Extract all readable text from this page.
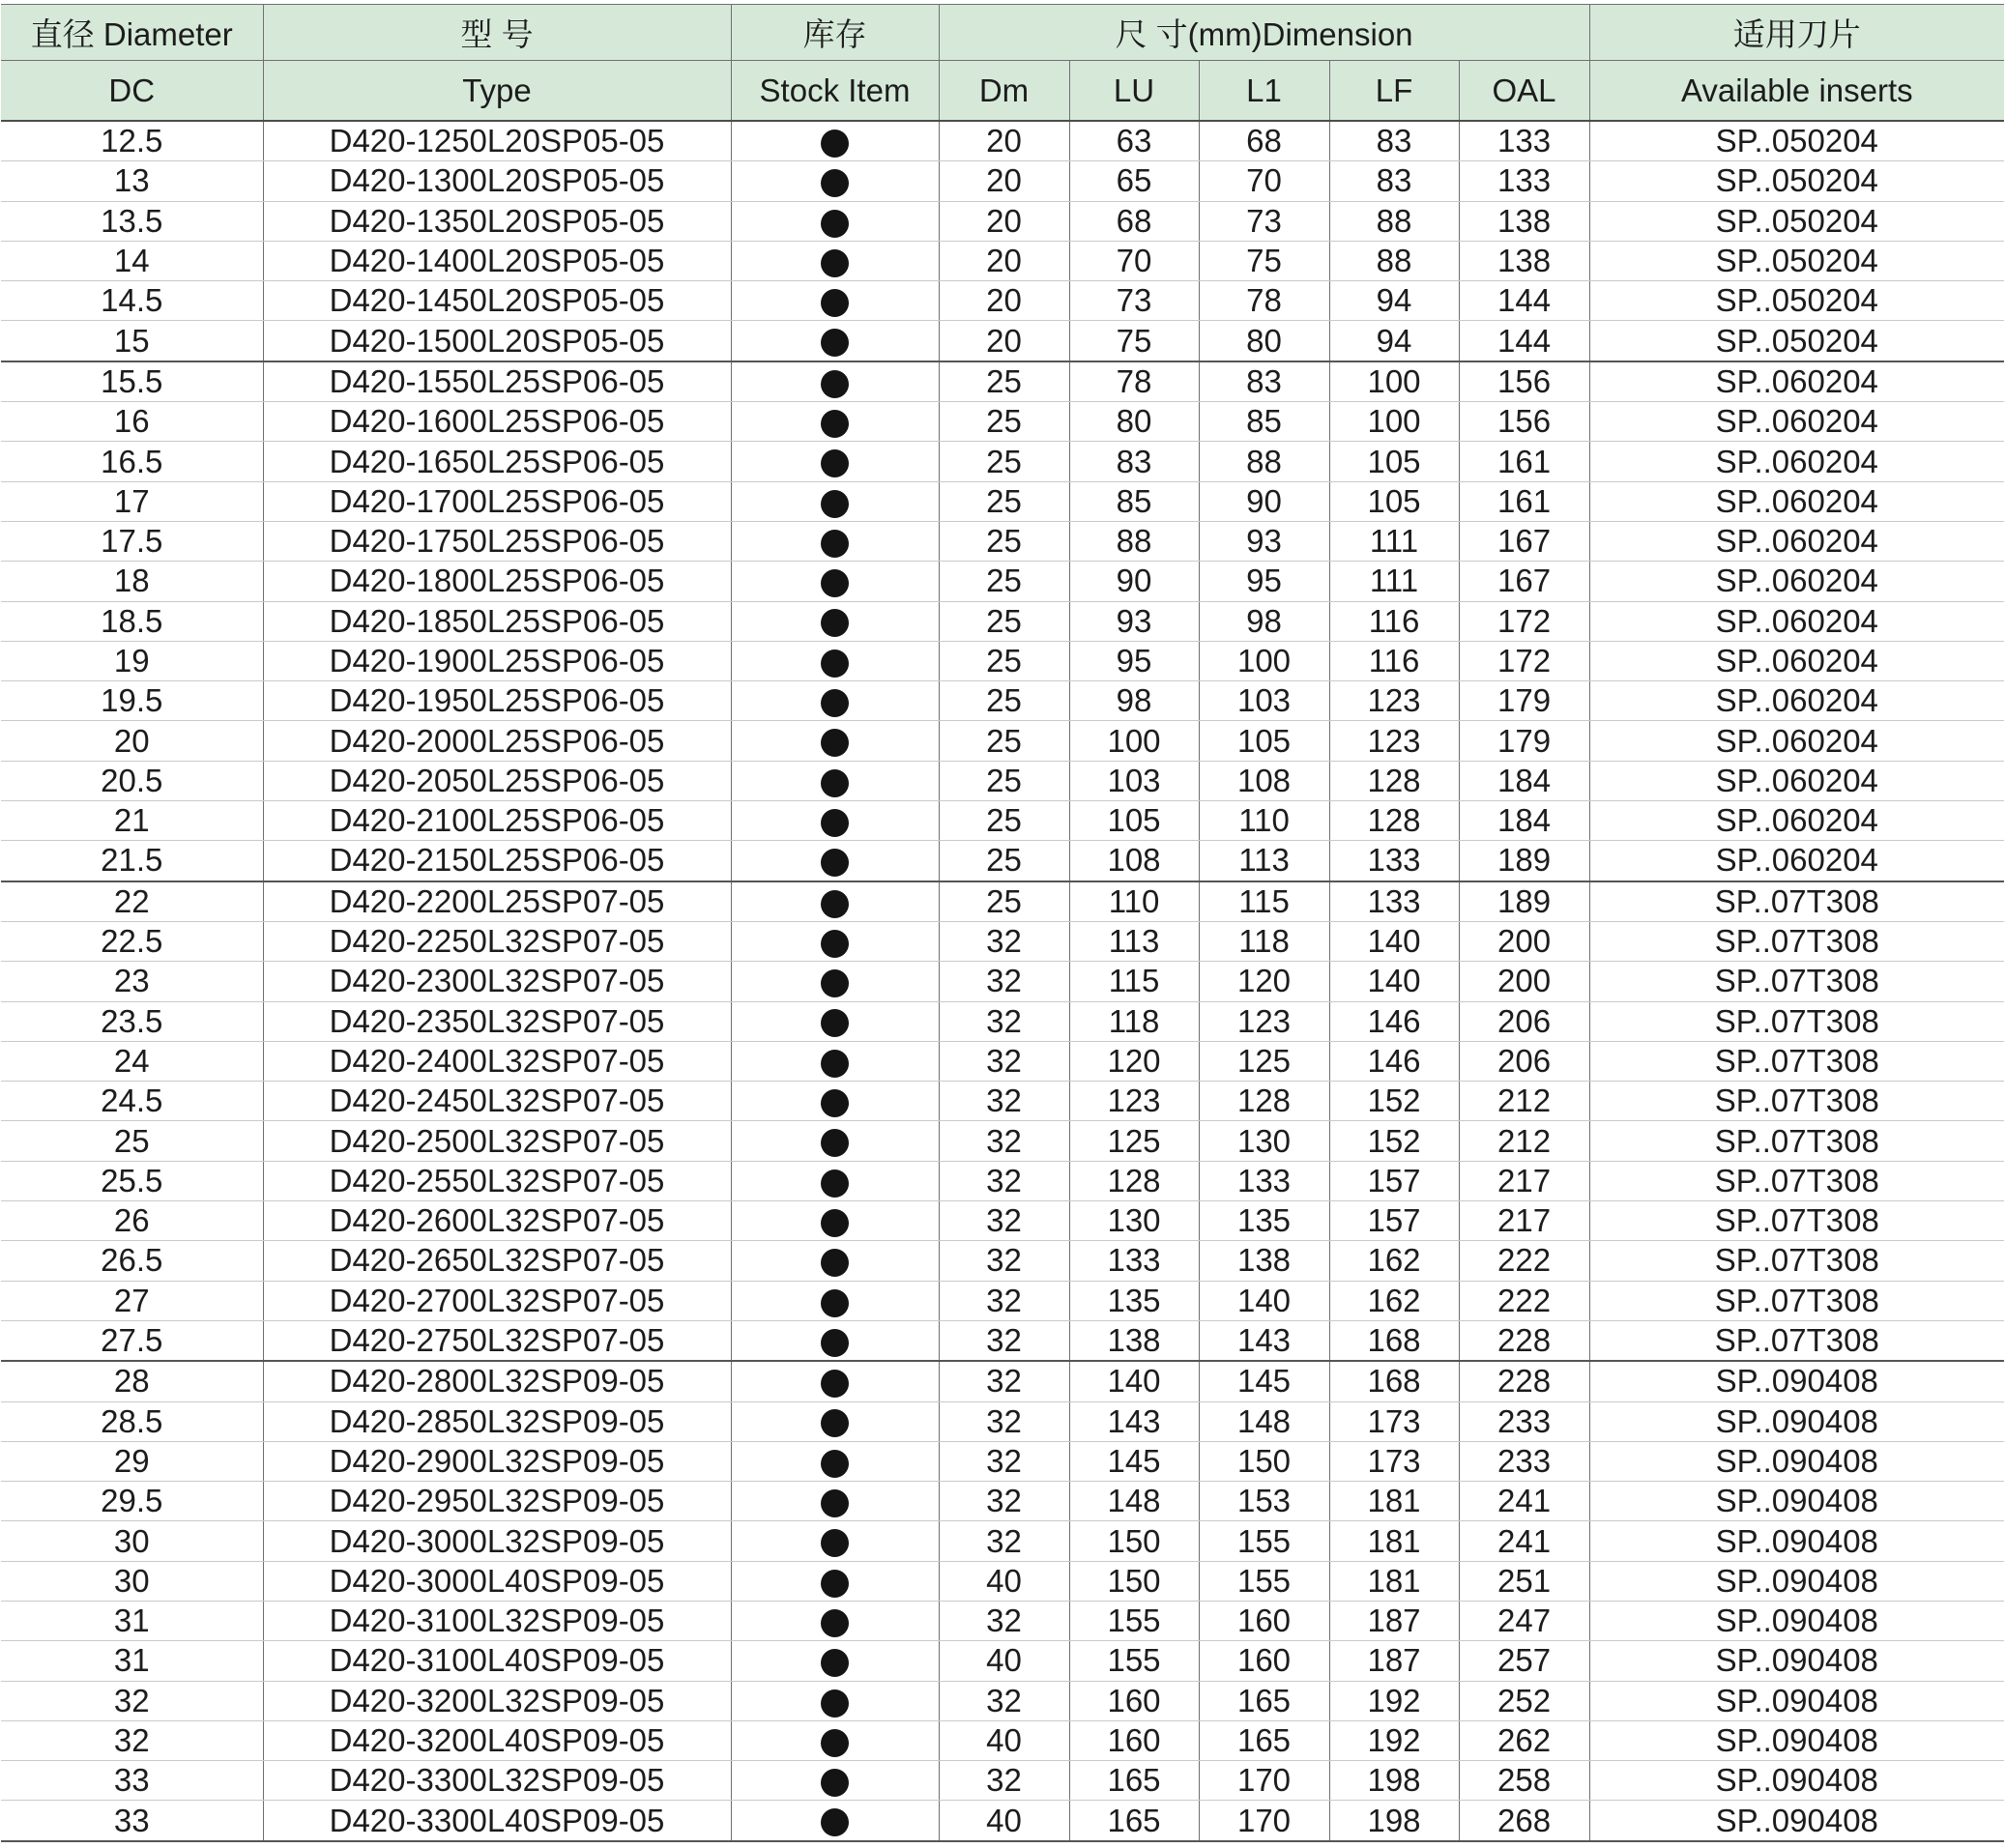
直径 Diameter	型 号	库存	尺 寸(mm)Dimension					适用刀片
DC	Type	Stock Item	Dm	LU	L1	LF	OAL	Available inserts
12.5	D420-1250L20SP05-05		20	63	68	83	133	SP..050204
13	D420-1300L20SP05-05		20	65	70	83	133	SP..050204
13.5	D420-1350L20SP05-05		20	68	73	88	138	SP..050204
14	D420-1400L20SP05-05		20	70	75	88	138	SP..050204
14.5	D420-1450L20SP05-05		20	73	78	94	144	SP..050204
15	D420-1500L20SP05-05		20	75	80	94	144	SP..050204
15.5	D420-1550L25SP06-05		25	78	83	100	156	SP..060204
16	D420-1600L25SP06-05		25	80	85	100	156	SP..060204
16.5	D420-1650L25SP06-05		25	83	88	105	161	SP..060204
17	D420-1700L25SP06-05		25	85	90	105	161	SP..060204
17.5	D420-1750L25SP06-05		25	88	93	111	167	SP..060204
18	D420-1800L25SP06-05		25	90	95	111	167	SP..060204
18.5	D420-1850L25SP06-05		25	93	98	116	172	SP..060204
19	D420-1900L25SP06-05		25	95	100	116	172	SP..060204
19.5	D420-1950L25SP06-05		25	98	103	123	179	SP..060204
20	D420-2000L25SP06-05		25	100	105	123	179	SP..060204
20.5	D420-2050L25SP06-05		25	103	108	128	184	SP..060204
21	D420-2100L25SP06-05		25	105	110	128	184	SP..060204
21.5	D420-2150L25SP06-05		25	108	113	133	189	SP..060204
22	D420-2200L25SP07-05		25	110	115	133	189	SP..07T308
22.5	D420-2250L32SP07-05		32	113	118	140	200	SP..07T308
23	D420-2300L32SP07-05		32	115	120	140	200	SP..07T308
23.5	D420-2350L32SP07-05		32	118	123	146	206	SP..07T308
24	D420-2400L32SP07-05		32	120	125	146	206	SP..07T308
24.5	D420-2450L32SP07-05		32	123	128	152	212	SP..07T308
25	D420-2500L32SP07-05		32	125	130	152	212	SP..07T308
25.5	D420-2550L32SP07-05		32	128	133	157	217	SP..07T308
26	D420-2600L32SP07-05		32	130	135	157	217	SP..07T308
26.5	D420-2650L32SP07-05		32	133	138	162	222	SP..07T308
27	D420-2700L32SP07-05		32	135	140	162	222	SP..07T308
27.5	D420-2750L32SP07-05		32	138	143	168	228	SP..07T308
28	D420-2800L32SP09-05		32	140	145	168	228	SP..090408
28.5	D420-2850L32SP09-05		32	143	148	173	233	SP..090408
29	D420-2900L32SP09-05		32	145	150	173	233	SP..090408
29.5	D420-2950L32SP09-05		32	148	153	181	241	SP..090408
30	D420-3000L32SP09-05		32	150	155	181	241	SP..090408
30	D420-3000L40SP09-05		40	150	155	181	251	SP..090408
31	D420-3100L32SP09-05		32	155	160	187	247	SP..090408
31	D420-3100L40SP09-05		40	155	160	187	257	SP..090408
32	D420-3200L32SP09-05		32	160	165	192	252	SP..090408
32	D420-3200L40SP09-05		40	160	165	192	262	SP..090408
33	D420-3300L32SP09-05		32	165	170	198	258	SP..090408
33	D420-3300L40SP09-05		40	165	170	198	268	SP..090408
